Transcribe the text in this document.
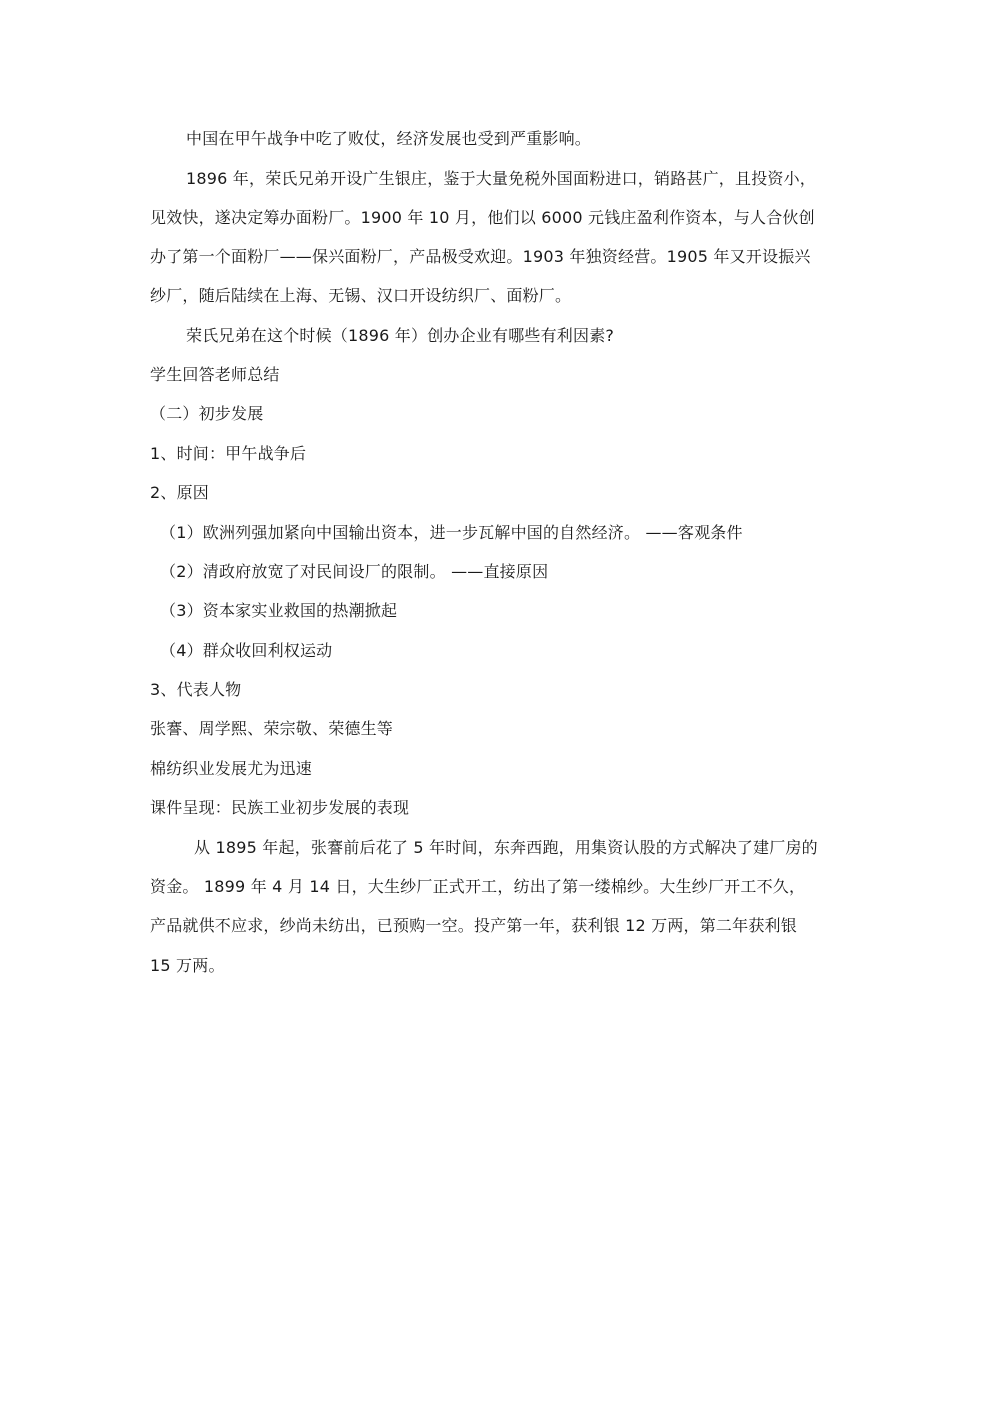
中国在甲午战争中吃了败仗，经济发展也受到严重影响。
1896 年，荣氏兄弟开设广生银庄，鉴于大量免税外国面粉进口，销路甚广，且投资小，
见效快，遂决定筹办面粉厂。1900 年 10 月，他们以 6000 元钱庄盈利作资本，与人合伙创
办了第一个面粉厂——保兴面粉厂，产品极受欢迎。1903 年独资经营。1905 年又开设振兴
纱厂，随后陆续在上海、无锡、汉口开设纺织厂、面粉厂。
荣氏兄弟在这个时候（1896 年）创办企业有哪些有利因素?
学生回答老师总结
（二）初步发展
1、时间：甲午战争后
2、原因
（1）欧洲列强加紧向中国输出资本，进一步瓦解中国的自然经济。 ——客观条件
（2）清政府放宽了对民间设厂的限制。 ——直接原因
（3）资本家实业救国的热潮掀起
（4）群众收回利权运动
3、代表人物
张謇、周学熙、荣宗敬、荣德生等
棉纺织业发展尤为迅速
课件呈现：民族工业初步发展的表现
从 1895 年起，张謇前后花了 5 年时间，东奔西跑，用集资认股的方式解决了建厂房的
资金。 1899 年 4 月 14 日，大生纱厂正式开工，纺出了第一缕棉纱。大生纱厂开工不久，
产品就供不应求，纱尚未纺出，已预购一空。投产第一年，获利银 12 万两，第二年获利银
15 万两。
